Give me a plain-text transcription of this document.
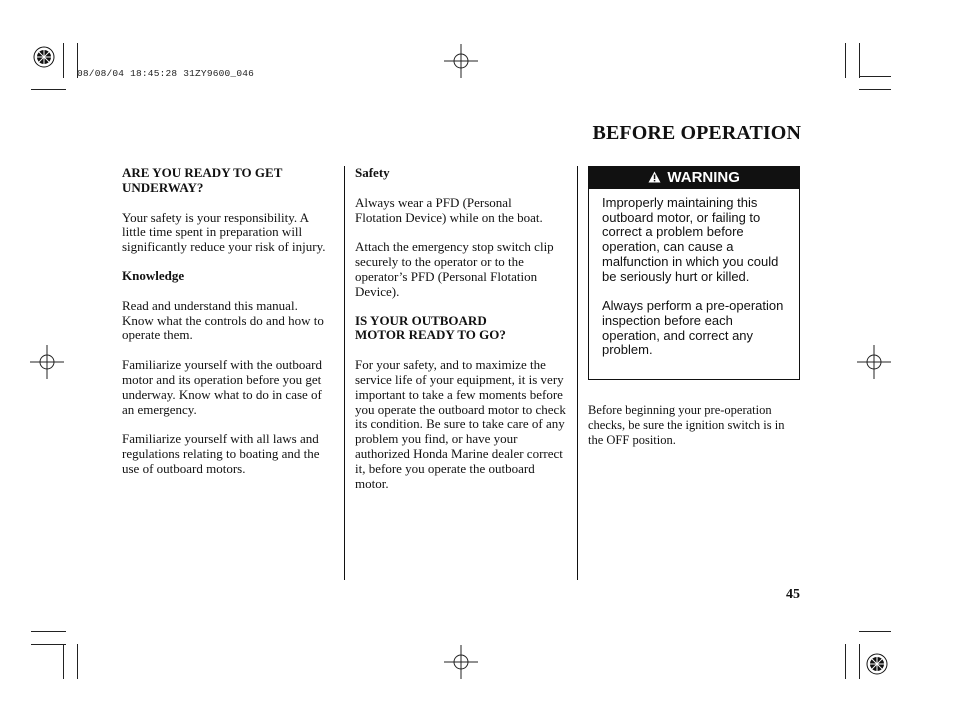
08/08/04 18:45:28 31ZY9600_046
BEFORE OPERATION
ARE YOU READY TO GET UNDERWAY?

Your safety is your responsibility. A little time spent in preparation will significantly reduce your risk of injury.

Knowledge

Read and understand this manual. Know what the controls do and how to operate them.

Familiarize yourself with the outboard motor and its operation before you get underway. Know what to do in case of an emergency.

Familiarize yourself with all laws and regulations relating to boating and the use of outboard motors.

Safety

Always wear a PFD (Personal Flotation Device) while on the boat.

Attach the emergency stop switch clip securely to the operator or to the operator’s PFD (Personal Flotation Device).

IS YOUR OUTBOARD MOTOR READY TO GO?

For your safety, and to maximize the service life of your equipment, it is very important to take a few moments before you operate the outboard motor to check its condition. Be sure to take care of any problem you find, or have your authorized Honda Marine dealer correct it, before you operate the outboard motor.

WARNING

Improperly maintaining this outboard motor, or failing to correct a problem before operation, can cause a malfunction in which you could be seriously hurt or killed.

Always perform a pre-operation inspection before each operation, and correct any problem.

Before beginning your pre-operation checks, be sure the ignition switch is in the OFF position.

45
